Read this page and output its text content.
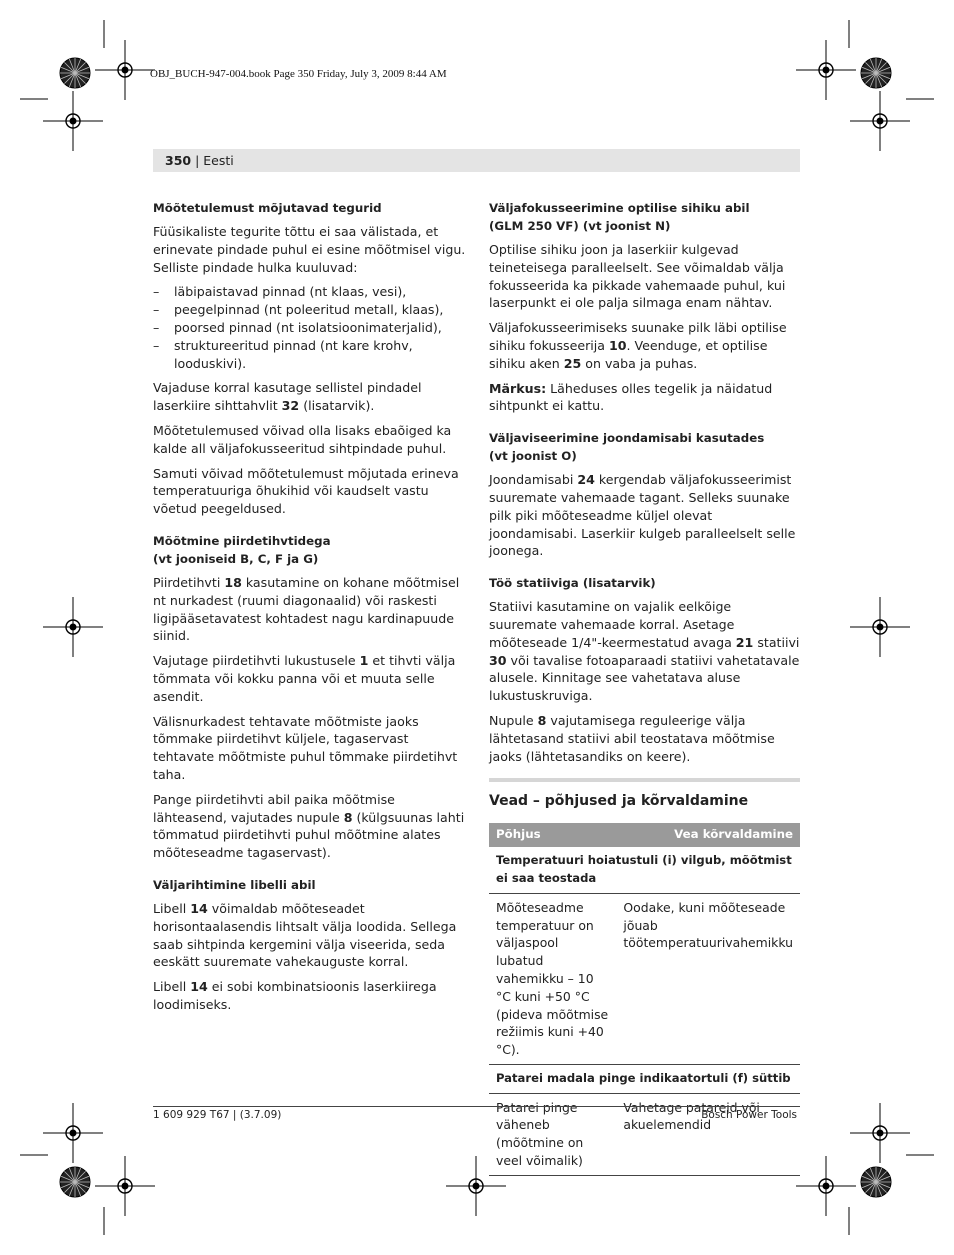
OBJ_BUCH-947-004.book Page 350 Friday, July 3, 2009 8:44 AM
350 | Eesti
Mõõtetulemust mõjutavad tegurid

Füüsikaliste tegurite tõttu ei saa välistada, et erinevate pindade puhul ei esine mõõtmisel vigu. Selliste pindade hulka kuuluvad:

– läbipaistavad pinnad (nt klaas, vesi),
– peegelpinnad (nt poleeritud metall, klaas),
– poorsed pinnad (nt isolatsioonimaterjalid),
– struktureeritud pinnad (nt kare krohv, looduskivi).

Vajaduse korral kasutage sellistel pindadel laserkiire sihttahvlit 32 (lisatarvik).

Mõõtetulemused võivad olla lisaks ebaõiged ka kalde all väljafokusseeritud sihtpindade puhul.

Samuti võivad mõõtetulemust mõjutada erineva temperatuuriga õhukihid või kaudselt vastu võetud peegeldused.

Mõõtmine piirdetihvtidega
(vt jooniseid B, C, F ja G)

Piirdetihvti 18 kasutamine on kohane mõõtmisel nt nurkadest (ruumi diagonaalid) või raskesti ligipääsetavatest kohtadest nagu kardinapuude siinid.

Vajutage piirdetihvti lukustusele 1 et tihvti välja tõmmata või kokku panna või et muuta selle asendit.

Välisnurkadest tehtavate mõõtmiste jaoks tõmmake piirdetihvt küljele, tagaservast tehtavate mõõtmiste puhul tõmmake piirdetihvt taha.

Pange piirdetihvti abil paika mõõtmise lähteasend, vajutades nupule 8 (külgsuunas lahti tõmmatud piirdetihvti puhul mõõtmine alates mõõteseadme tagaservast).

Väljarihtimine libelli abil

Libell 14 võimaldab mõõteseadet horisontaalasendis lihtsalt välja loodida. Sellega saab sihtpinda kergemini välja viseerida, seda eeskätt suuremate vahekauguste korral.

Libell 14 ei sobi kombinatsioonis laserkiirega loodimiseks.

Väljafokusseerimine optilise sihiku abil
(GLM 250 VF) (vt joonist N)

Optilise sihiku joon ja laserkiir kulgevad teineteisega paralleelselt. See võimaldab välja fokusseerida ka pikkade vahemaade puhul, kui laserpunkt ei ole palja silmaga enam nähtav.

Väljafokusseerimiseks suunake pilk läbi optilise sihiku fokusseerija 10. Veenduge, et optilise sihiku aken 25 on vaba ja puhas.

Märkus: Läheduses olles tegelik ja näidatud sihtpunkt ei kattu.

Väljaviseerimine joondamisabi kasutades
(vt joonist O)

Joondamisabi 24 kergendab väljafokusseerimist suuremate vahemaade tagant. Selleks suunake pilk piki mõõteseadme küljel olevat joondamisabi. Laserkiir kulgeb paralleelselt selle joonega.

Töö statiiviga (lisatarvik)

Statiivi kasutamine on vajalik eelkõige suuremate vahemaade korral. Asetage mõõteseade 1/4"-keermestatud avaga 21 statiivi 30 või tavalise fotoaparaadi statiivi vahetatavale alusele. Kinnitage see vahetatava aluse lukustuskruviga.

Nupule 8 vajutamisega reguleerige välja lähtetasand statiivi abil teostatava mõõtmise jaoks (lähtetasandiks on keere).

Vead – põhjused ja kõrvaldamine
Põhjus	Vea kõrvaldamine
Temperatuuri hoiatustuli (i) vilgub, mõõtmist ei saa teostada	
Mõõteseadme temperatuur on väljaspool lubatud vahemikku – 10 °C kuni +50 °C (pideva mõõtmise režiimis kuni +40 °C).	Oodake, kuni mõõteseade jõuab töötemperatuurivahemikku
Patarei madala pinge indikaatortuli (f) süttib	
Patarei pinge väheneb (mõõtmine on veel võimalik)	Vahetage patareid või akuelemendid
1 609 929 T67 | (3.7.09)	Bosch Power Tools
